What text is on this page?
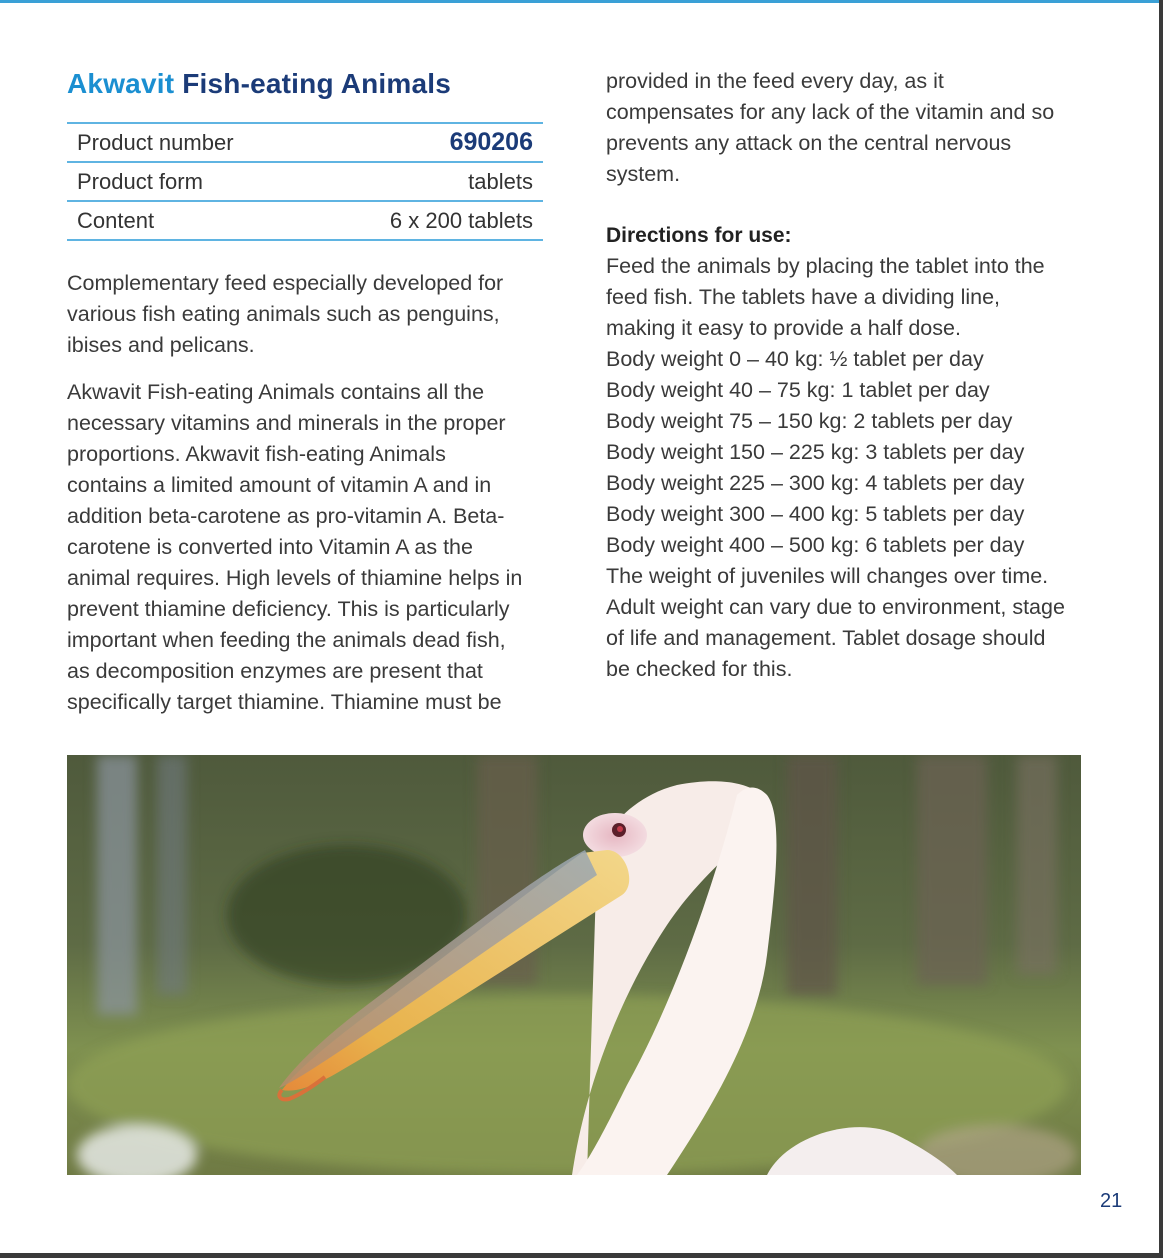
Akwavit Fish-eating Animals
Product number	690206
Product form	tablets
Content	6 x 200 tablets

Complementary feed especially developed for various fish eating animals such as penguins, ibises and pelicans.

Akwavit Fish-eating Animals contains all the
necessary vitamins and minerals in the proper
proportions. Akwavit fish-eating Animals
contains a limited amount of vitamin A and in
addition beta-carotene as pro-vitamin A. Beta-
carotene is converted into Vitamin A as the
animal requires. High levels of thiamine helps in
prevent thiamine deficiency. This is particularly
important when feeding the animals dead fish,
as decomposition enzymes are present that
specifically target thiamine. Thiamine must be
provided in the feed every day, as it
compensates for any lack of the vitamin and so
prevents any attack on the central nervous
system.
Directions for use:
Feed the animals by placing the tablet into the
feed fish. The tablets have a dividing line,
making it easy to provide a half dose.
Body weight 0 – 40 kg: ½ tablet per day
Body weight 40 – 75 kg: 1 tablet per day
Body weight 75 – 150 kg: 2 tablets per day
Body weight 150 – 225 kg: 3 tablets per day
Body weight 225 – 300 kg: 4 tablets per day
Body weight 300 – 400 kg: 5 tablets per day
Body weight 400 – 500 kg: 6 tablets per day
The weight of juveniles will changes over time.
Adult weight can vary due to environment, stage
of life and management. Tablet dosage should
be checked for this.
21
